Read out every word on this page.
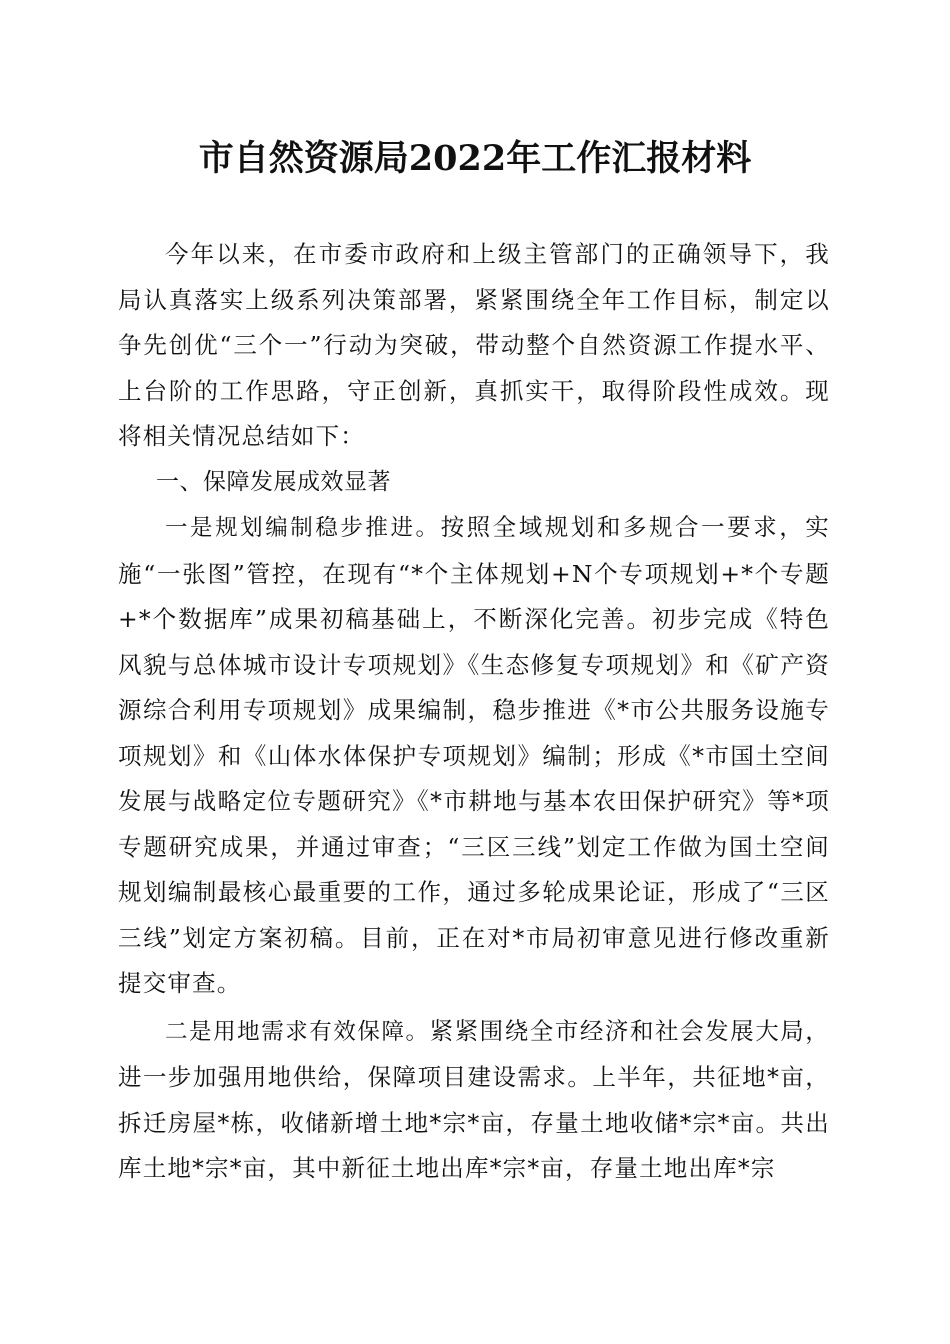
市自然资源局2022年工作汇报材料

今年以来，在市委市政府和上级主管部门的正确领导下，我局认真落实上级系列决策部署，紧紧围绕全年工作目标，制定以争先创优“三个一”行动为突破，带动整个自然资源工作提水平、上台阶的工作思路，守正创新，真抓实干，取得阶段性成效。现将相关情况总结如下：

一、保障发展成效显著

一是规划编制稳步推进。按照全域规划和多规合一要求，实施“一张图”管控，在现有“*个主体规划+N个专项规划+*个专题+*个数据库”成果初稿基础上，不断深化完善。初步完成《特色风貌与总体城市设计专项规划》《生态修复专项规划》和《矿产资源综合利用专项规划》成果编制，稳步推进《*市公共服务设施专项规划》和《山体水体保护专项规划》编制；形成《*市国土空间发展与战略定位专题研究》《*市耕地与基本农田保护研究》等*项专题研究成果，并通过审查；“三区三线”划定工作做为国土空间规划编制最核心最重要的工作，通过多轮成果论证，形成了“三区三线”划定方案初稿。目前，正在对*市局初审意见进行修改重新提交审查。

二是用地需求有效保障。紧紧围绕全市经济和社会发展大局，进一步加强用地供给，保障项目建设需求。上半年，共征地*亩，拆迁房屋*栋，收储新增土地*宗*亩，存量土地收储*宗*亩。共出库土地*宗*亩，其中新征土地出库*宗*亩，存量土地出库*宗
